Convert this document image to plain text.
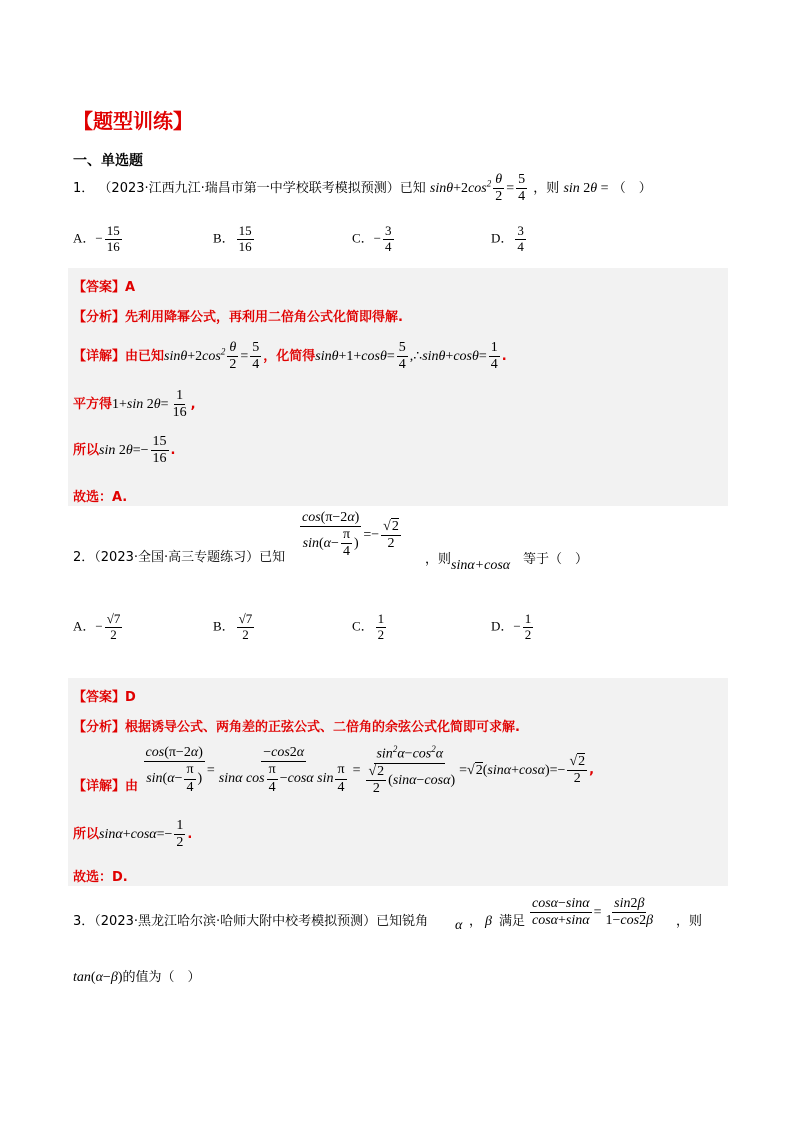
【题型训练】
一、单选题
1． （2023·江西九江·瑞昌市第一中学校联考模拟预测）已知 $\sin\theta+2\cos^2 \frac{\theta}{2} = \frac{5}{4}$ ，则 sin 2θ = （　）
A．− $\frac{15}{16}$	B． $\frac{15}{16}$	C．− $\frac{3}{4}$	D． $\frac{3}{4}$
【答案】A
【分析】先利用降幂公式，再利用二倍角公式化简即得解.
【详解】由已知$\sin\theta+2\cos^2 \frac{\theta}{2} = \frac{5}{4}$ ，化简得$\sin\theta+1+\cos\theta= \frac{5}{4}$ ,∴sinθ+cosθ= $\frac{1}{4}$ .
平方得1+sin $2\theta= \frac{1}{16}$ ,
所以$\sin 2\theta=- \frac{15}{16}$ .
故选：A.
2．（2023·全国·高三专题练习）已知 $\frac{\cos(\pi-2\alpha)}{\sin(\alpha- \frac{\pi}{4} )} =- \frac{√2}{2}$
，则 sinα+cosα 等于（　）
A．− $\frac{√7}{2}$	B． $\frac{√7}{2}$	C． $\frac{1}{2}$	D．− $\frac{1}{2}$
【答案】D
【分析】根据诱导公式、两角差的正弦公式、二倍角的余弦公式化简即可求解.
【详解】由 $\frac{\cos(\pi-2\alpha)}{\sin(\alpha- \frac{\pi}{4} )} = \frac{-\cos 2\alpha}{\sin\alpha \cos \frac{\pi}{4} -\cos\alpha \sin \frac{\pi}{4}} = \frac{\sin^2\alpha-\cos^2\alpha}{\frac{√2}{2} (\sin\alpha-\cos\alpha)} =√2(\sin\alpha+\cos\alpha)=- \frac{√2}{2}$ ,
所以$\sin\alpha+\cos\alpha=- \frac{1}{2}$ .
故选：D.
3．（2023·黑龙江哈尔滨·哈师大附中校考模拟预测）已知锐角 α ， β 满足 $\frac{\cos\alpha-\sin\alpha}{\cos\alpha+\sin\alpha} = \frac{\sin 2\beta}{1-\cos 2\beta}$ ，则
tan(α−β)的值为（　）
